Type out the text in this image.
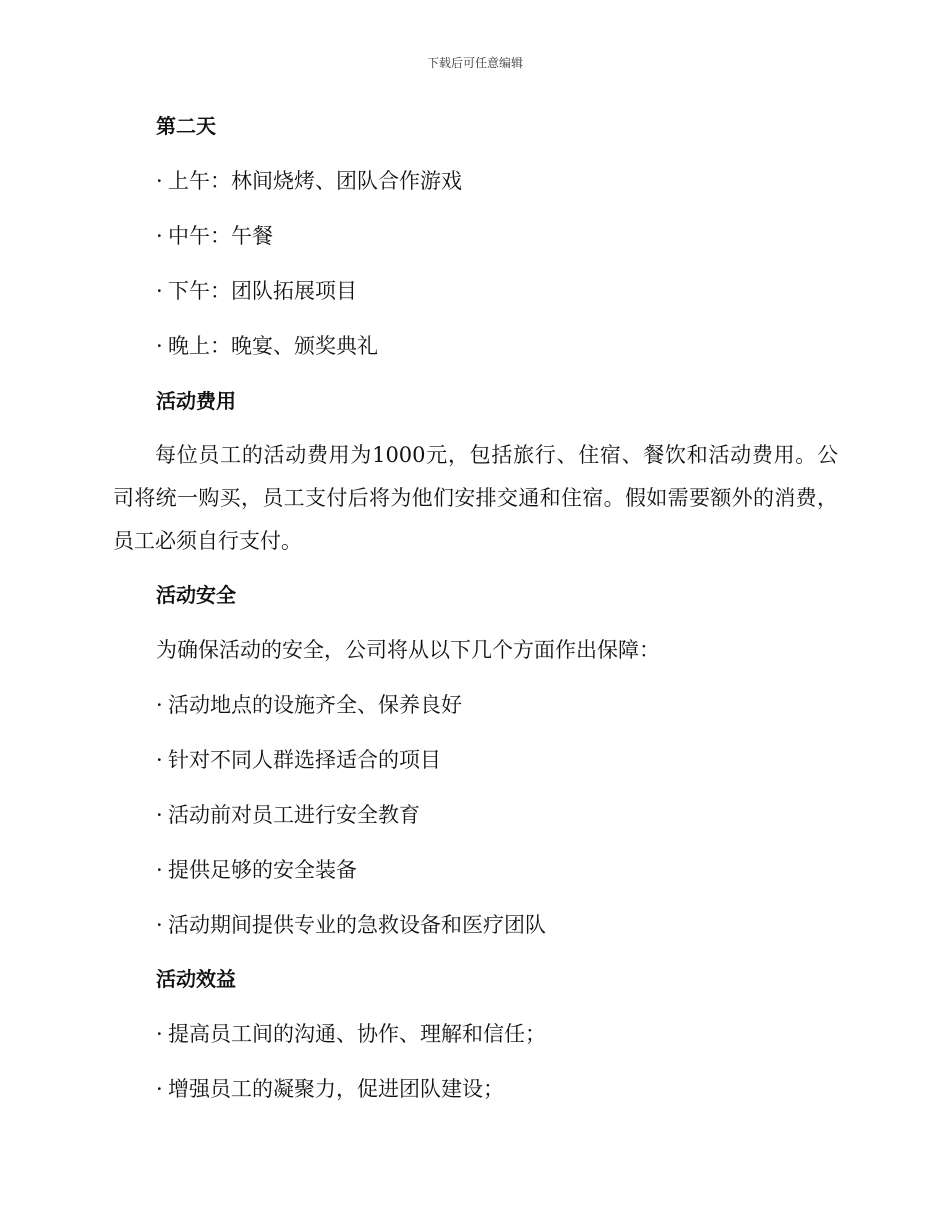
下载后可任意编辑
第二天
· 上午：林间烧烤、团队合作游戏
· 中午：午餐
· 下午：团队拓展项目
· 晚上：晚宴、颁奖典礼
活动费用
每位员工的活动费用为1000元，包括旅行、住宿、餐饮和活动费用。公司将统一购买，员工支付后将为他们安排交通和住宿。假如需要额外的消费，员工必须自行支付。
活动安全
为确保活动的安全，公司将从以下几个方面作出保障：
· 活动地点的设施齐全、保养良好
· 针对不同人群选择适合的项目
· 活动前对员工进行安全教育
· 提供足够的安全装备
· 活动期间提供专业的急救设备和医疗团队
活动效益
· 提高员工间的沟通、协作、理解和信任；
· 增强员工的凝聚力，促进团队建设；
